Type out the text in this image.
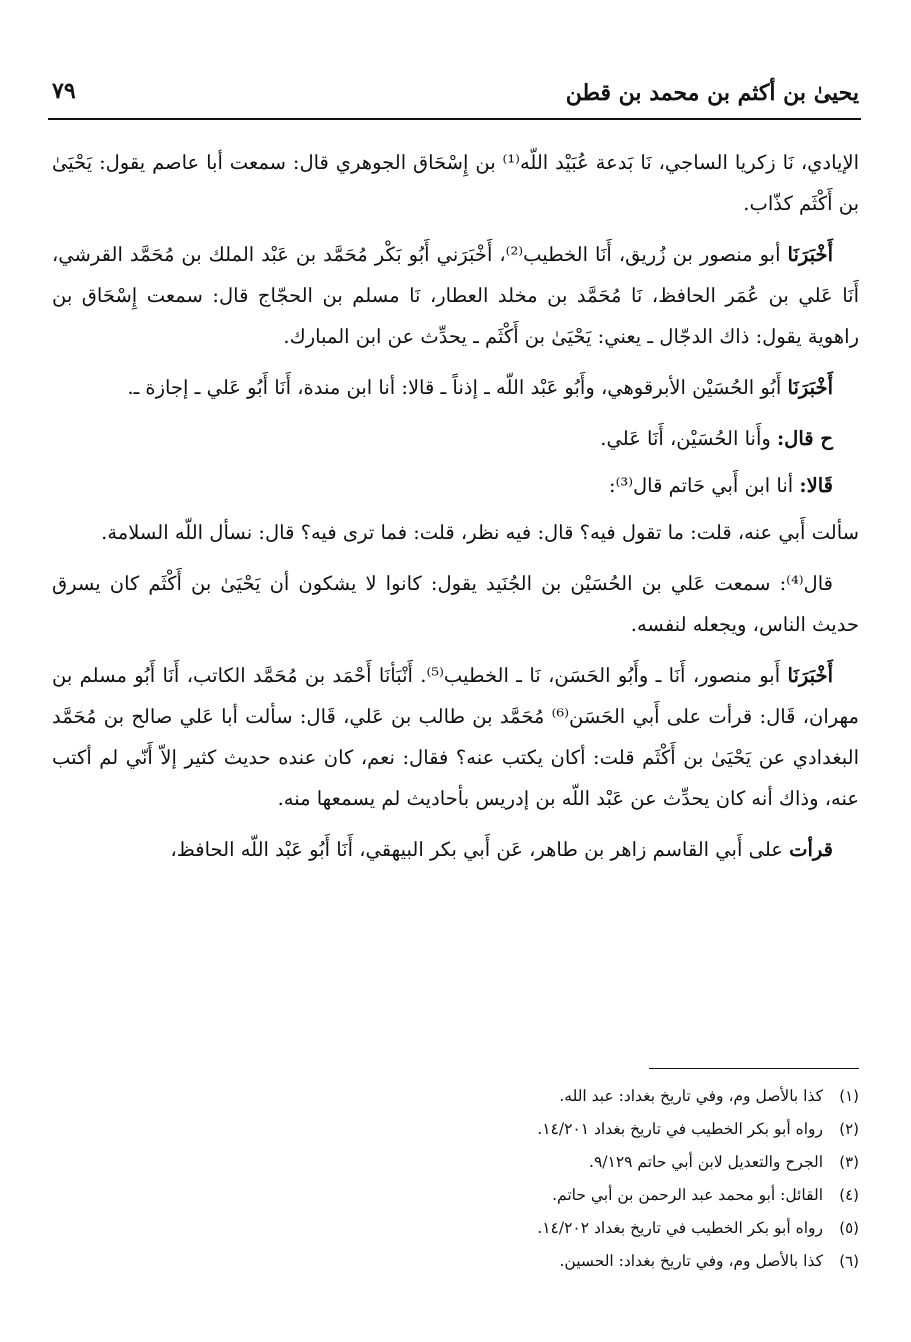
يحيىٰ بن أكثم بن محمد بن قطن
٧٩

الإيادي، نَا زكريا الساجي، نَا بَدعة عُبَيْد اللّه⁽¹⁾ بن إِسْحَاق الجوهري قال: سمعت أبا عاصم يقول: يَحْيَىٰ بن أَكْثَم كذّاب.

أَخْبَرَنَا أبو منصور بن زُريق، أَنَا الخطيب⁽²⁾، أَخْبَرَني أَبُو بَكْر مُحَمَّد بن عَبْد الملك بن مُحَمَّد القرشي، أَنَا عَلي بن عُمَر الحافظ، نَا مُحَمَّد بن مخلد العطار، نَا مسلم بن الحجّاج قال: سمعت إِسْحَاق بن راهوية يقول: ذاك الدجّال ـ يعني: يَحْيَىٰ بن أَكْثَم ـ يحدِّث عن ابن المبارك.

أَخْبَرَنَا أَبُو الحُسَيْن الأبرقوهي، وأَبُو عَبْد اللّه ـ إذناً ـ قالا: أنا ابن مندة، أَنَا أَبُو عَلي ـ إجازة ـ.

ح قال: وأَنا الحُسَيْن، أَنَا عَلي.

قَالا: أنا ابن أَبي حَاتم قال⁽³⁾:

سألت أَبي عنه، قلت: ما تقول فيه؟ قال: فيه نظر، قلت: فما ترى فيه؟ قال: نسأل اللّه السلامة.

قال⁽⁴⁾: سمعت عَلي بن الحُسَيْن بن الجُنَيد يقول: كانوا لا يشكون أن يَحْيَىٰ بن أَكْثَم كان يسرق حديث الناس، ويجعله لنفسه.

أَخْبَرَنَا أَبو منصور، أَنَا ـ وأَبُو الحَسَن، نَا ـ الخطيب⁽⁵⁾. أَنْبَأنَا أَحْمَد بن مُحَمَّد الكاتب، أَنَا أَبُو مسلم بن مهران، قَال: قرأت على أَبي الحَسَن⁽⁶⁾ مُحَمَّد بن طالب بن عَلي، قَال: سألت أبا عَلي صالح بن مُحَمَّد البغدادي عن يَحْيَىٰ بن أَكْثَم قلت: أكان يكتب عنه؟ فقال: نعم، كان عنده حديث كثير إلاّ أَنّي لم أكتب عنه، وذاك أنه كان يحدِّث عن عَبْد اللّه بن إدريس بأحاديث لم يسمعها منه.

قرأت على أَبي القاسم زاهر بن طاهر، عَن أَبي بكر البيهقي، أَنَا أَبُو عَبْد اللّه الحافظ،

(١)
كذا بالأصل وم، وفي تاريخ بغداد: عبد الله.
(٢)
رواه أبو بكر الخطيب في تاريخ بغداد ١٤/٢٠١.
(٣)
الجرح والتعديل لابن أبي حاتم ٩/١٢٩.
(٤)
القائل: أبو محمد عبد الرحمن بن أبي حاتم.
(٥)
رواه أبو بكر الخطيب في تاريخ بغداد ١٤/٢٠٢.
(٦)
كذا بالأصل وم، وفي تاريخ بغداد: الحسين.
